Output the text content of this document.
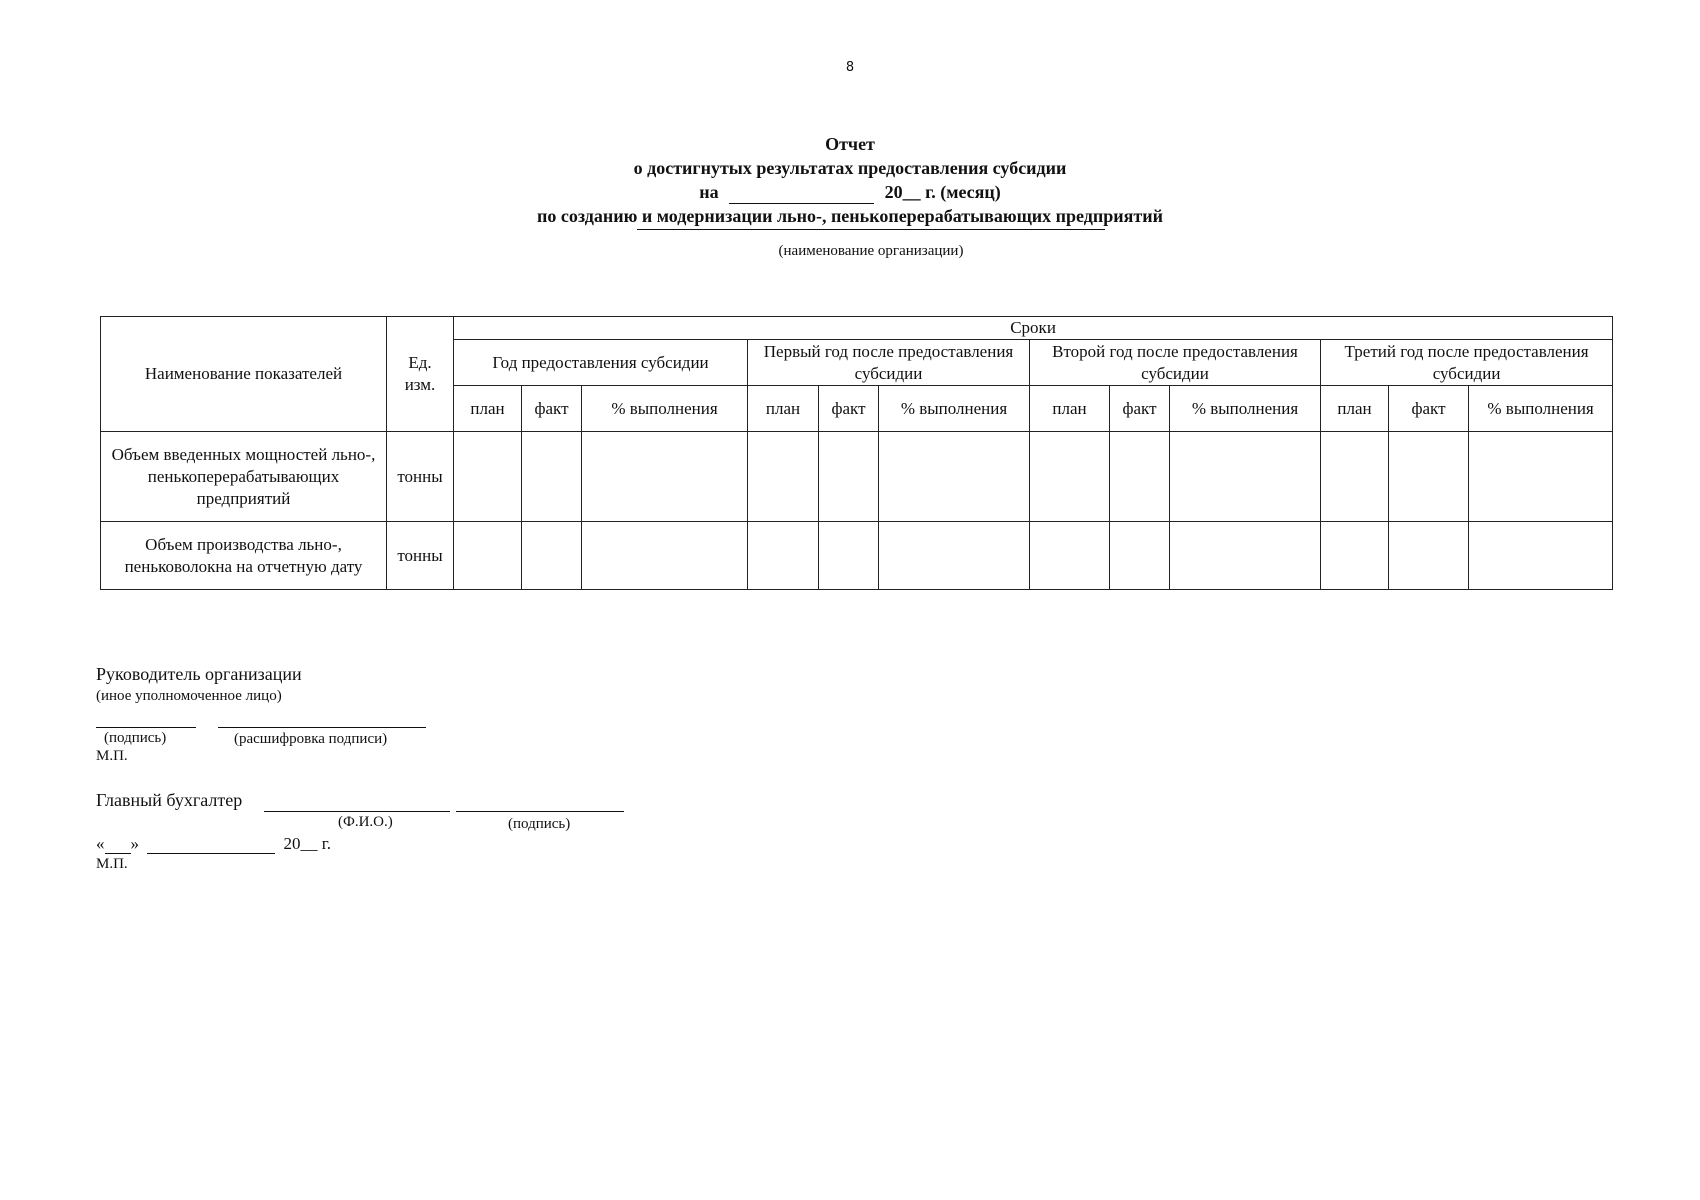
8
Отчет
о достигнутых результатах предоставления субсидии
на	20__ г. (месяц)
по созданию и модернизации льно-, пенькоперерабатывающих предприятий
(наименование организации)
Наименование показателей	Ед. изм.	Сроки											
		Год предоставления субсидии			Первый год после предоставления субсидии			Второй год после предоставления субсидии			Третий год после предоставления субсидии		
		план	факт	% выполнения	план	факт	% выполнения	план	факт	% выполнения	план	факт	% выполнения
Объем введенных мощностей льно-, пенькоперерабатывающих предприятий	тонны												
Объем производства льно-, пеньковолокна на отчетную дату	тонны												
Руководитель организации
(иное уполномоченное лицо)
(подпись)	(расшифровка подписи)
М.П.
Главный бухгалтер
(Ф.И.О.)	(подпись)
« »	20__ г.
М.П.
